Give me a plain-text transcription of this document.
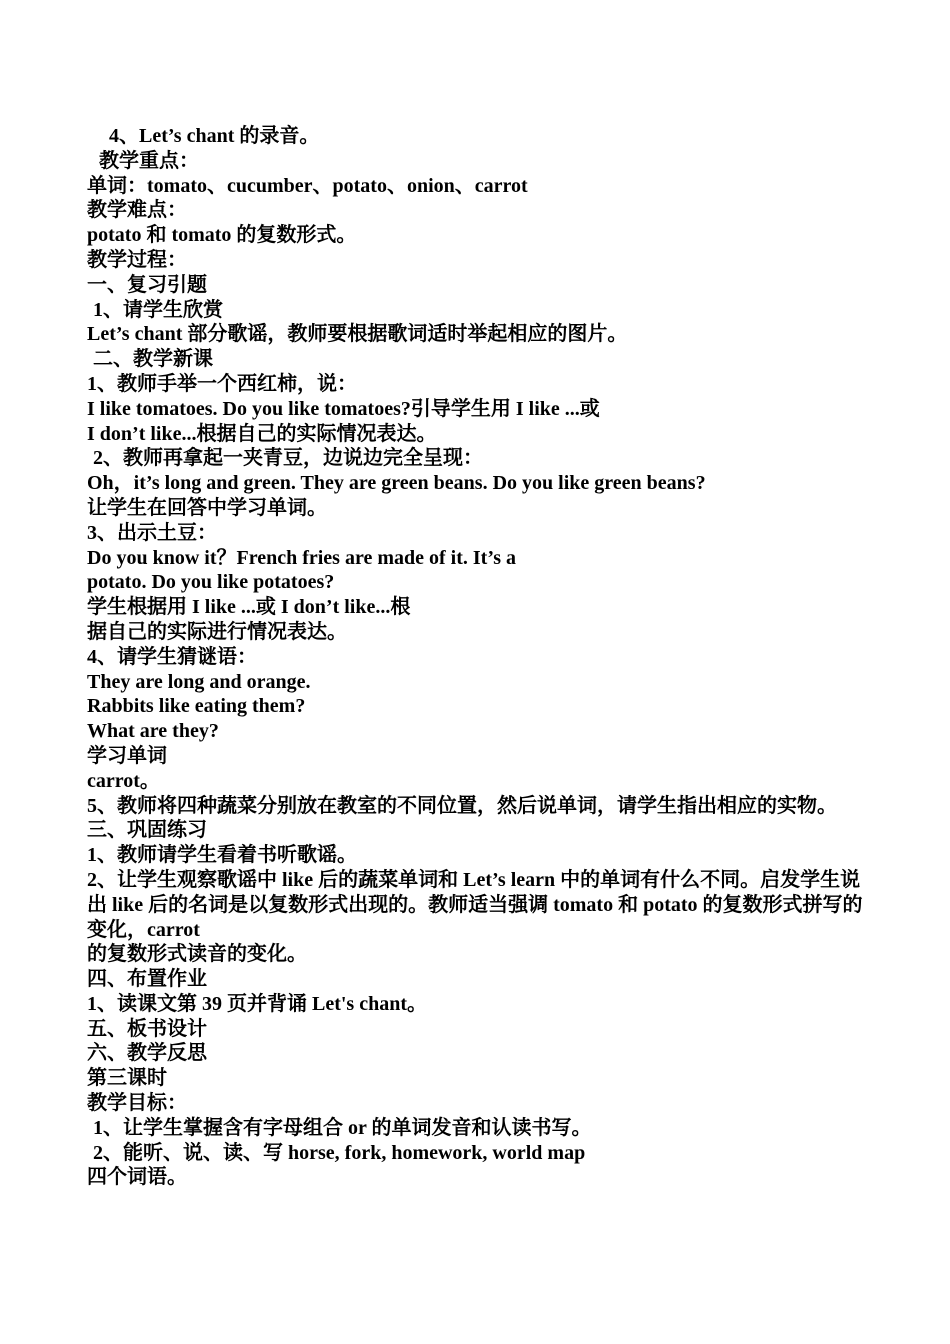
4、Let’s chant 的录音。

教学重点：

单词：tomato、cucumber、potato、onion、carrot

教学难点：

potato 和 tomato 的复数形式。

教学过程：

一、复习引题

1、请学生欣赏

Let’s chant 部分歌谣，教师要根据歌词适时举起相应的图片。

二、教学新课

1、教师手举一个西红柿，说：

I like tomatoes. Do you like tomatoes?引导学生用 I like ...或

I don’t like...根据自己的实际情况表达。

2、教师再拿起一夹青豆，边说边完全呈现：

Oh，it’s long and green. They are green beans. Do you like green beans?

让学生在回答中学习单词。

3、出示土豆：

Do you know it？French fries are made of it. It’s a

potato. Do you like potatoes?

学生根据用 I like ...或 I don’t like...根

据自己的实际进行情况表达。

4、请学生猜谜语：

They are long and orange.

Rabbits like eating them?

What are they?

学习单词

carrot。

5、教师将四种蔬菜分别放在教室的不同位置，然后说单词，请学生指出相应的实物。

三、巩固练习

1、教师请学生看着书听歌谣。

2、让学生观察歌谣中 like 后的蔬菜单词和 Let’s learn 中的单词有什么不同。启发学生说出 like 后的名词是以复数形式出现的。教师适当强调 tomato 和 potato 的复数形式拼写的变化，carrot

的复数形式读音的变化。

四、布置作业

1、读课文第 39 页并背诵 Let's chant。

五、板书设计

六、教学反思

第三课时

教学目标：

1、让学生掌握含有字母组合 or 的单词发音和认读书写。

2、能听、说、读、写 horse, fork, homework, world map

四个词语。
